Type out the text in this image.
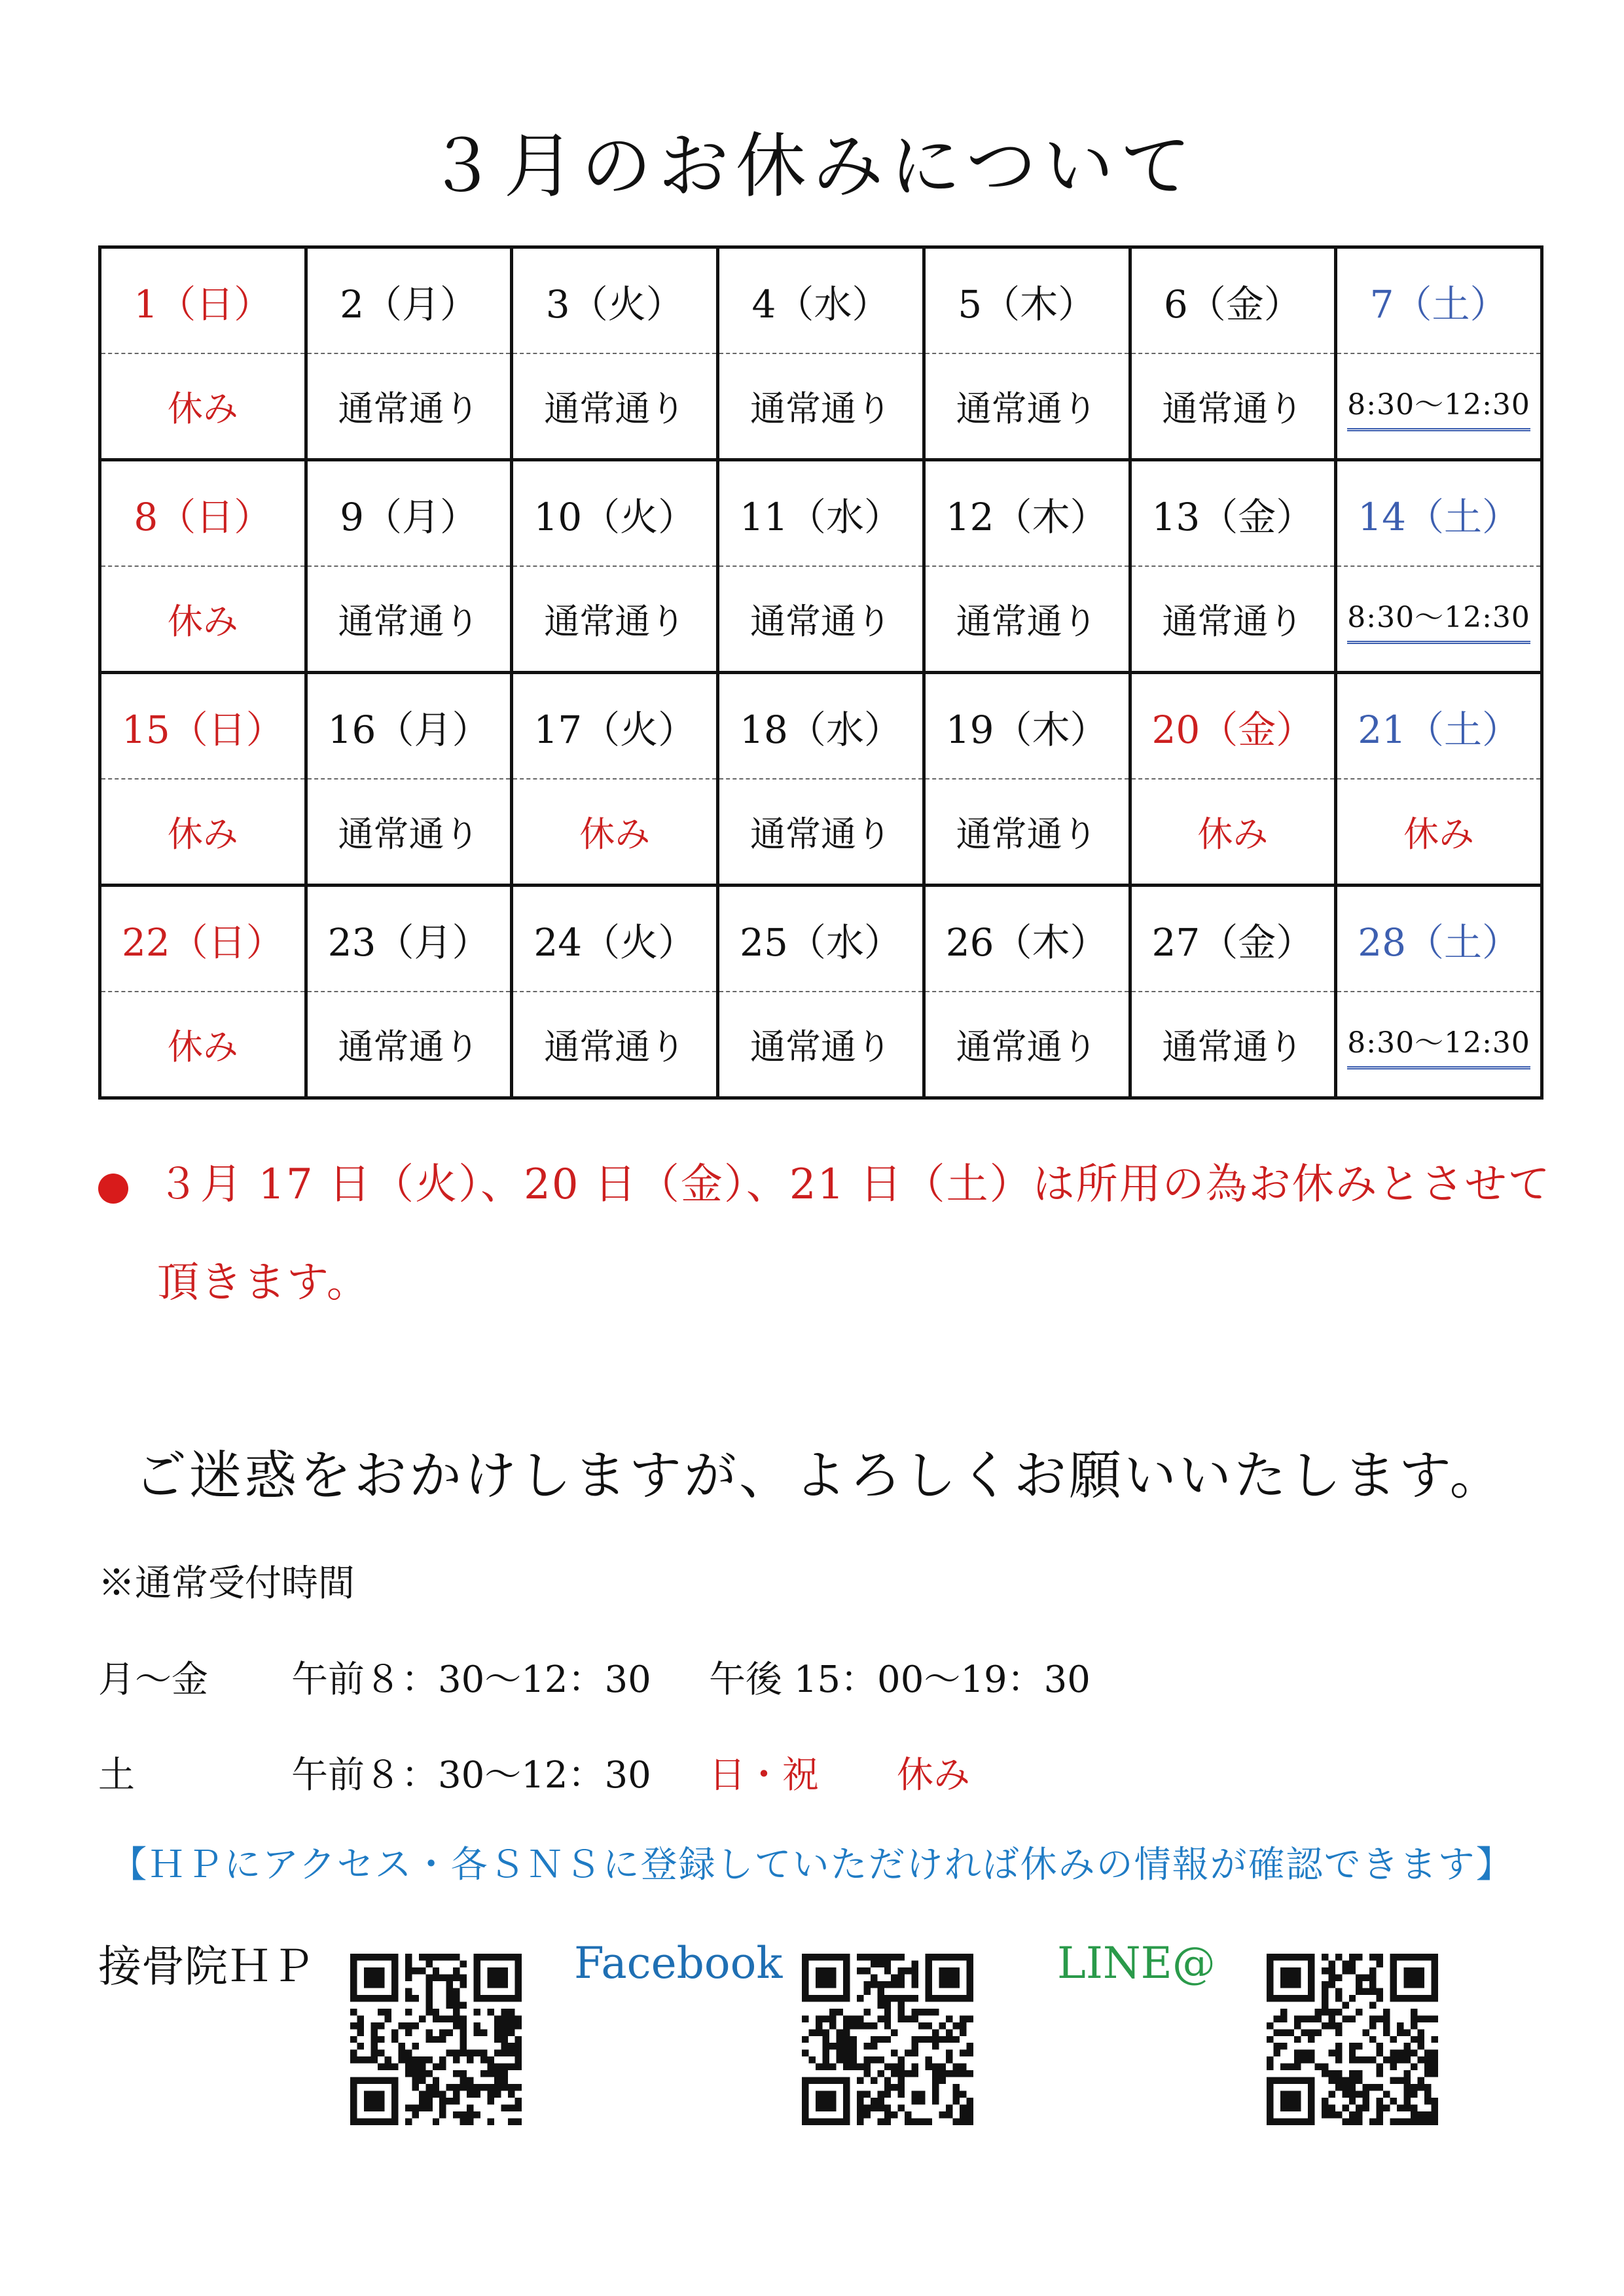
３月のお休みについて
1（日）	2（月）	3（火）	4（水）	5（木）	6（金）	7（土）
休み	通常通り	通常通り	通常通り	通常通り	通常通り	8:30～12:30
8（日）	9（月）	10（火）	11（水）	12（木）	13（金）	14（土）
休み	通常通り	通常通り	通常通り	通常通り	通常通り	8:30～12:30
15（日）	16（月）	17（火）	18（水）	19（木）	20（金）	21（土）
休み	通常通り	休み	通常通り	通常通り	休み	休み
22（日）	23（月）	24（火）	25（水）	26（木）	27（金）	28（土）
休み	通常通り	通常通り	通常通り	通常通り	通常通り	8:30～12:30
３月 17 日（火）、20 日（金）、21 日（土）は所用の為お休みとさせて頂きます。
ご迷惑をおかけしますが、よろしくお願いいたします。
※通常受付時間
月～金 午前８：30～12：30 午後 15：00～19：30
土	午前８：30～12：30 日・祝 休み
【ＨＰにアクセス・各ＳＮＳに登録していただければ休みの情報が確認できます】
接骨院ＨＰ	Facebook	LINE@
